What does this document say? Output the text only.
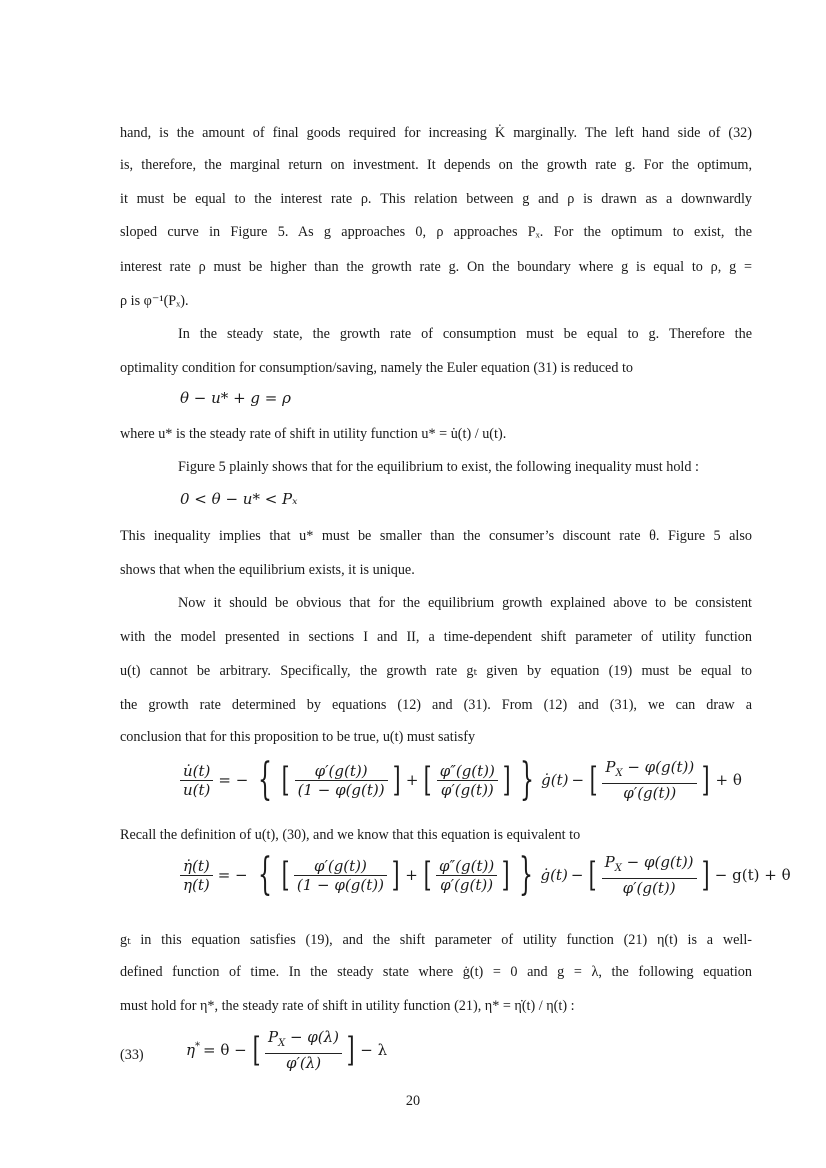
hand, is the amount of final goods required for increasing K̇ marginally. The left hand side of (32)
is, therefore, the marginal return on investment. It depends on the growth rate g. For the optimum,
it must be equal to the interest rate ρ. This relation between g and ρ is drawn as a downwardly
sloped curve in Figure 5. As g approaches 0, ρ approaches Pₓ. For the optimum to exist, the
interest rate ρ must be higher than the growth rate g. On the boundary where g is equal to ρ, g =
ρ is φ⁻¹(Pₓ).
In the steady state, the growth rate of consumption must be equal to g. Therefore the
optimality condition for consumption/saving, namely the Euler equation (31) is reduced to
θ − u* + g = ρ
where u* is the steady rate of shift in utility function u* = u̇(t) / u(t).
Figure 5 plainly shows that for the equilibrium to exist, the following inequality must hold :
0 < θ − u* < Pₓ
This inequality implies that u* must be smaller than the consumer’s discount rate θ. Figure 5 also
shows that when the equilibrium exists, it is unique.
Now it should be obvious that for the equilibrium growth explained above to be consistent
with the model presented in sections I and II, a time-dependent shift parameter of utility function
u(t) cannot be arbitrary. Specifically, the growth rate gₜ given by equation (19) must be equal to
the growth rate determined by equations (12) and (31). From (12) and (31), we can draw a
conclusion that for this proposition to be true, u(t) must satisfy
$\frac{u̇(t)}{u(t)}$ = − { [ $\frac{\varphi'(g(t))}{(1 - \varphi(g(t))}$ ] + [ $\frac{\varphi''(g(t))}{\varphi'(g(t))}$ ] } ġ(t) − [ $\frac{P_X - \varphi(g(t))}{\varphi'(g(t))}$ ] + θ
Recall the definition of u(t), (30), and we know that this equation is equivalent to
$\frac{\etȧ(t)}{\eta(t)}$ = − { [ $\frac{\varphi'(g(t))}{(1 - \varphi(g(t))}$ ] + [ $\frac{\varphi''(g(t))}{\varphi'(g(t))}$ ] } ġ(t) − [ $\frac{P_X - \varphi(g(t))}{\varphi'(g(t))}$ ] − g(t) + θ
gₜ in this equation satisfies (19), and the shift parameter of utility function (21) η(t) is a well-
defined function of time. In the steady state where ġ(t) = 0 and g = λ, the following equation
must hold for η*, the steady rate of shift in utility function (21), η* = η̇(t) / η(t) :
(33)	η* = θ − [ $\frac{P_X - \varphi(\lambda)}{\varphi'(\lambda)}$ ] − λ
20
